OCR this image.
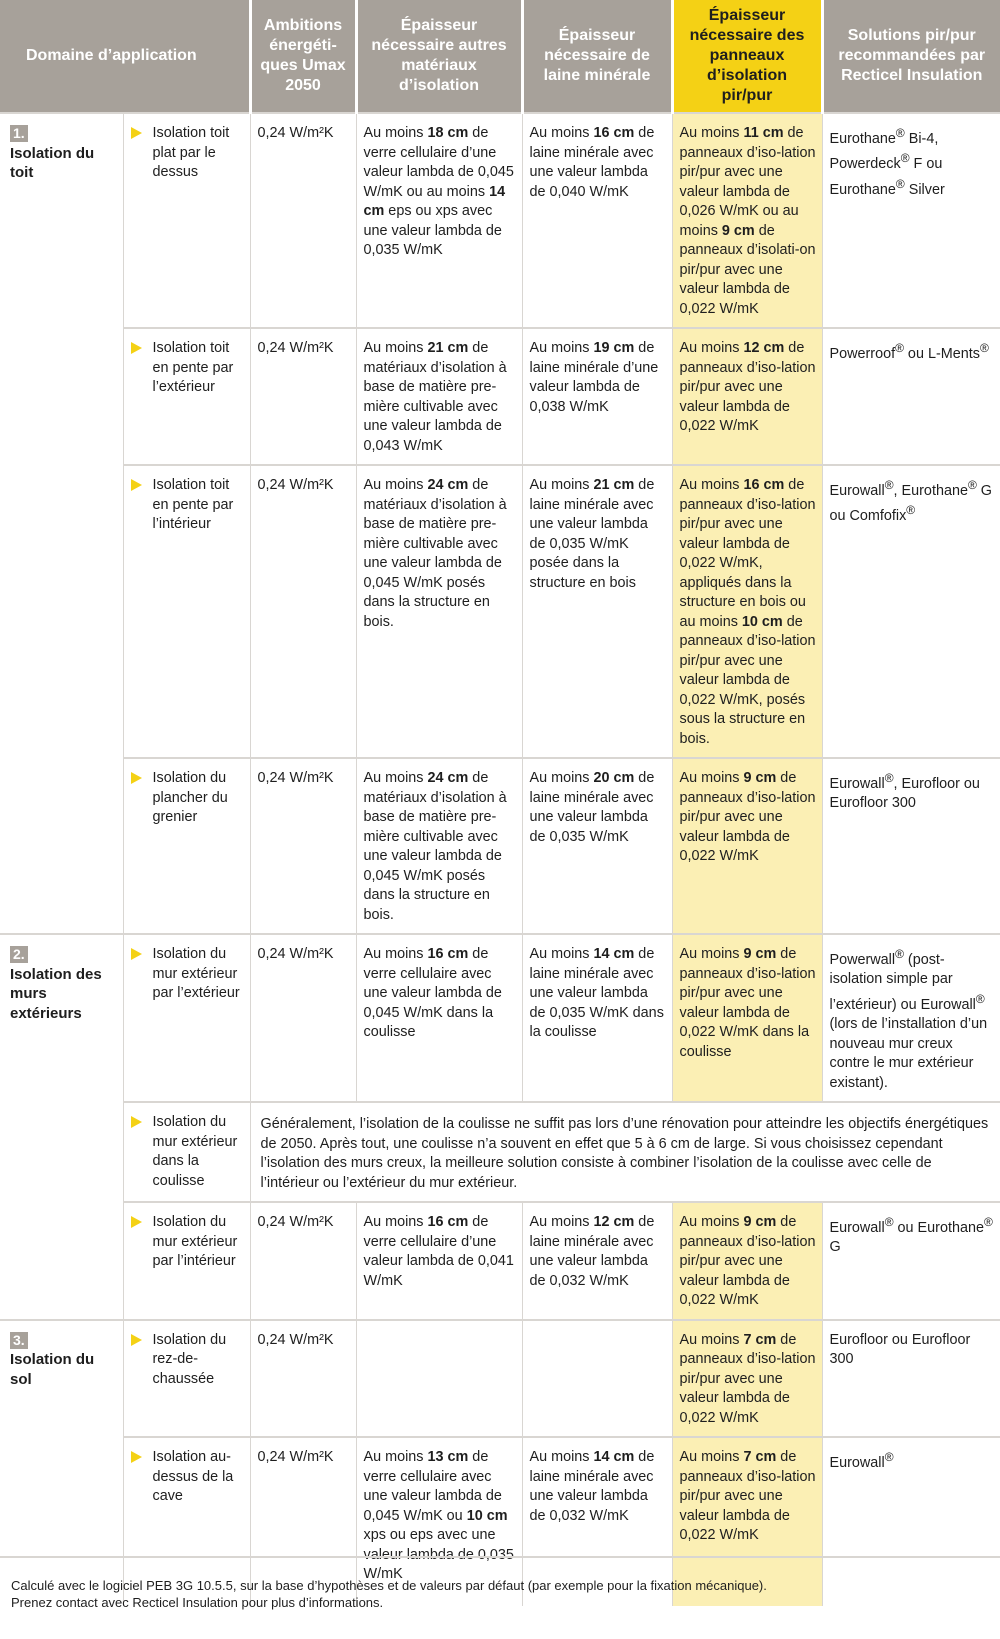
Domaine d’application		Ambitions énergéti-ques Umax 2050	Épaisseur nécessaire autres matériaux d’isolation	Épaisseur nécessaire de laine minérale	Épaisseur nécessaire des panneaux d’isolation pir/pur	Solutions pir/pur recommandées par Recticel Insulation
1.
Isolation du toit	Isolation toit plat par le dessus	0,24 W/m²K	Au moins 18 cm de verre cellulaire d’une valeur lambda de 0,045 W/mK ou au moins 14 cm eps ou xps avec une valeur lambda de 0,035 W/mK	Au moins 16 cm de laine minérale avec une valeur lambda de 0,040 W/mK	Au moins 11 cm de panneaux d’iso-lation pir/pur avec une valeur lambda de 0,026 W/mK ou au moins 9 cm de panneaux d’isolati-on pir/pur avec une valeur lambda de 0,022 W/mK	Eurothane® Bi-4, Powerdeck® F ou Eurothane® Silver

Isolation toit en pente par l’extérieur	0,24 W/m²K	Au moins 21 cm de matériaux d’isolation à base de matière pre-mière cultivable avec une valeur lambda de 0,043 W/mK	Au moins 19 cm de laine minérale d’une valeur lambda de 0,038 W/mK	Au moins 12 cm de panneaux d’iso-lation pir/pur avec une valeur lambda de 0,022 W/mK	Powerroof® ou L-Ments®

Isolation toit en pente par l’intérieur	0,24 W/m²K	Au moins 24 cm de matériaux d’isolation à base de matière pre-mière cultivable avec une valeur lambda de 0,045 W/mK posés dans la structure en bois.	Au moins 21 cm de laine minérale avec une valeur lambda de 0,035 W/mK posée dans la structure en bois	Au moins 16 cm de panneaux d’iso-lation pir/pur avec une valeur lambda de 0,022 W/mK, appliqués dans la structure en bois ou au moins 10 cm de panneaux d’iso-lation pir/pur avec une valeur lambda de 0,022 W/mK, posés sous la structure en bois.	Eurowall®, Eurothane® G ou Comfofix®

Isolation du plancher du grenier	0,24 W/m²K	Au moins 24 cm de matériaux d’isolation à base de matière pre-mière cultivable avec une valeur lambda de 0,045 W/mK posés dans la structure en bois.	Au moins 20 cm de laine minérale avec une valeur lambda de 0,035 W/mK	Au moins 9 cm de panneaux d’iso-lation pir/pur avec une valeur lambda de 0,022 W/mK	Eurowall®, Eurofloor ou Eurofloor 300
2.
Isolation des murs extérieurs	Isolation du mur extérieur par l’extérieur	0,24 W/m²K	Au moins 16 cm de verre cellulaire avec une valeur lambda de 0,045 W/mK dans la coulisse	Au moins 14 cm de laine minérale avec une valeur lambda de 0,035 W/mK dans la coulisse	Au moins 9 cm de panneaux d’iso-lation pir/pur avec une valeur lambda de 0,022 W/mK dans la coulisse	Powerwall® (post-isolation simple par l’extérieur) ou Eurowall® (lors de l’installation d’un nouveau mur creux contre le mur extérieur existant).

Isolation du mur extérieur dans la coulisse	Généralement, l’isolation de la coulisse ne suffit pas lors d’une rénovation pour atteindre les objectifs énergétiques de 2050. Après tout, une coulisse n’a souvent en effet que 5 à 6 cm de large. Si vous choisissez cependant l’isolation des murs creux, la meilleure solution consiste à combiner l’isolation de la coulisse avec celle de l’intérieur ou l’extérieur du mur extérieur.				

Isolation du mur extérieur par l’intérieur	0,24 W/m²K	Au moins 16 cm de verre cellulaire d’une valeur lambda de 0,041 W/mK	Au moins 12 cm de laine minérale avec une valeur lambda de 0,032 W/mK	Au moins 9 cm de panneaux d’iso-lation pir/pur avec une valeur lambda de 0,022 W/mK	Eurowall® ou Eurothane® G
3.
Isolation du sol	Isolation du rez-de-chaussée	0,24 W/m²K			Au moins 7 cm de panneaux d’iso-lation pir/pur avec une valeur lambda de 0,022 W/mK	Eurofloor ou Eurofloor 300

Isolation au-dessus de la cave	0,24 W/m²K	Au moins 13 cm de verre cellulaire avec une valeur lambda de 0,045 W/mK ou 10 cm xps ou eps avec une valeur lambda de 0,035 W/mK	Au moins 14 cm de laine minérale avec une valeur lambda de 0,032 W/mK	Au moins 7 cm de panneaux d’iso-lation pir/pur avec une valeur lambda de 0,022 W/mK	Eurowall®
Calculé avec le logiciel PEB 3G 10.5.5, sur la base d’hypothèses et de valeurs par défaut (par exemple pour la fixation mécanique).
Prenez contact avec Recticel Insulation pour plus d’informations.
